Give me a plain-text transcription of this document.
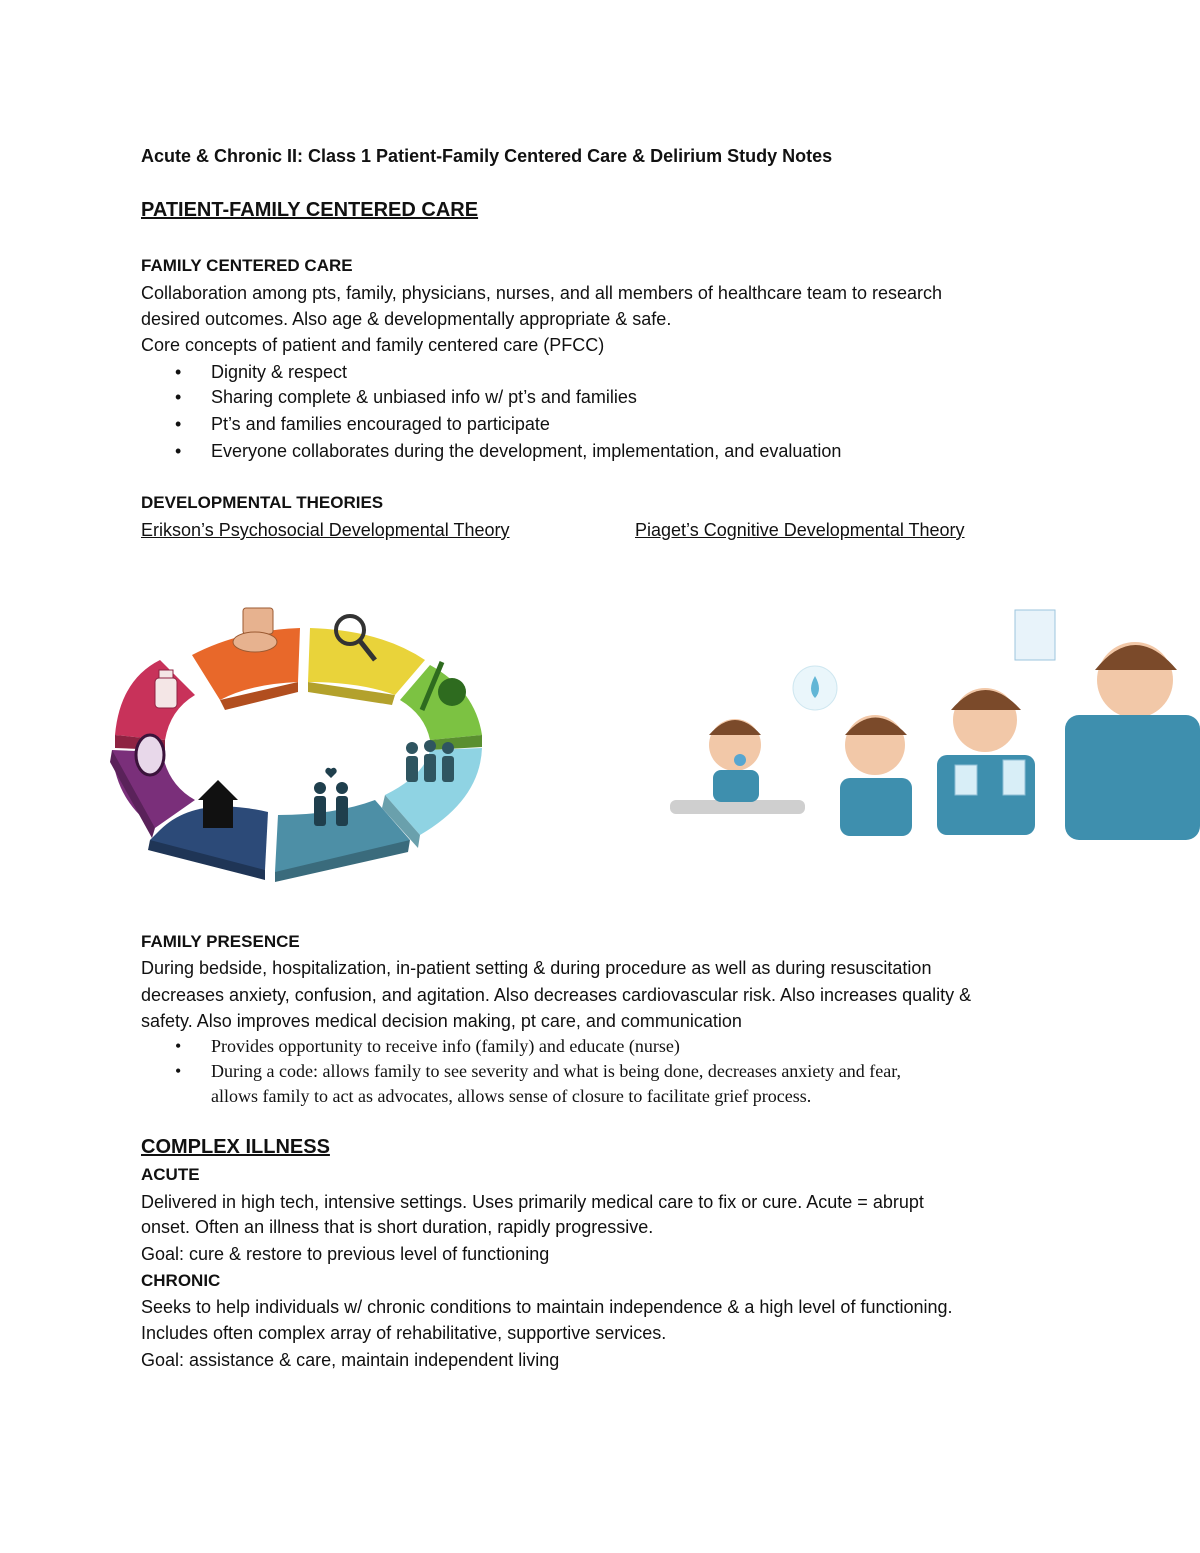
Acute & Chronic II: Class 1 Patient-Family Centered Care & Delirium Study Notes
PATIENT-FAMILY CENTERED CARE
FAMILY CENTERED CARE
Collaboration among pts, family, physicians, nurses, and all members of healthcare team to research
desired outcomes. Also age & developmentally appropriate & safe.
Core concepts of patient and family centered care (PFCC)
• Dignity & respect
• Sharing complete & unbiased info w/ pt’s and families
• Pt’s and families encouraged to participate
• Everyone collaborates during the development, implementation, and evaluation
DEVELOPMENTAL THEORIES
Erikson’s Psychosocial Developmental Theory	Piaget’s Cognitive Developmental Theory
FAMILY PRESENCE
During bedside, hospitalization, in-patient setting & during procedure as well as during resuscitation
decreases anxiety, confusion, and agitation. Also decreases cardiovascular risk. Also increases quality &
safety. Also improves medical decision making, pt care, and communication
• Provides opportunity to receive info (family) and educate (nurse)
• During a code: allows family to see severity and what is being done, decreases anxiety and fear,
allows family to act as advocates, allows sense of closure to facilitate grief process.
COMPLEX ILLNESS
ACUTE
Delivered in high tech, intensive settings. Uses primarily medical care to fix or cure. Acute = abrupt
onset. Often an illness that is short duration, rapidly progressive.
Goal: cure & restore to previous level of functioning
CHRONIC
Seeks to help individuals w/ chronic conditions to maintain independence & a high level of functioning.
Includes often complex array of rehabilitative, supportive services.
Goal: assistance & care, maintain independent living
